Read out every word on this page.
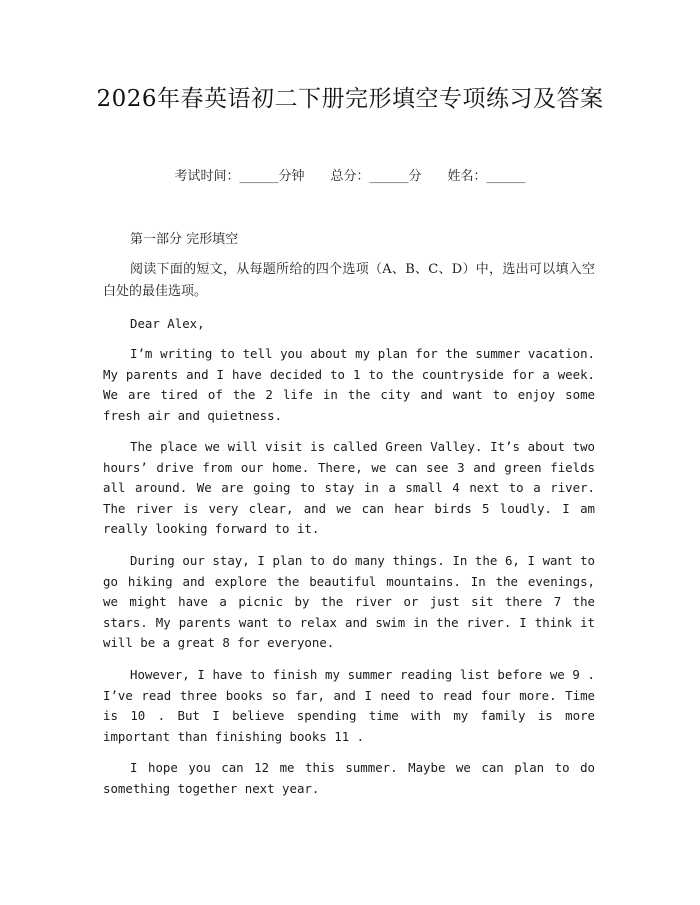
2026年春英语初二下册完形填空专项练习及答案
考试时间：______分钟 总分：______分 姓名：______
第一部分 完形填空
阅读下面的短文，从每题所给的四个选项（A、B、C、D）中，选出可以填入空白处的最佳选项。
Dear Alex,
I’m writing to tell you about my plan for the summer vacation. My parents and I have decided to 1 to the countryside for a week. We are tired of the 2 life in the city and want to enjoy some fresh air and quietness.
The place we will visit is called Green Valley. It’s about two hours’ drive from our home. There, we can see 3 and green fields all around. We are going to stay in a small 4 next to a river. The river is very clear, and we can hear birds 5 loudly. I am really looking forward to it.
During our stay, I plan to do many things. In the 6, I want to go hiking and explore the beautiful mountains. In the evenings, we might have a picnic by the river or just sit there 7 the stars. My parents want to relax and swim in the river. I think it will be a great 8 for everyone.
However, I have to finish my summer reading list before we 9 . I’ve read three books so far, and I need to read four more. Time is 10 . But I believe spending time with my family is more important than finishing books 11 .
I hope you can 12 me this summer. Maybe we can plan to do something together next year.
